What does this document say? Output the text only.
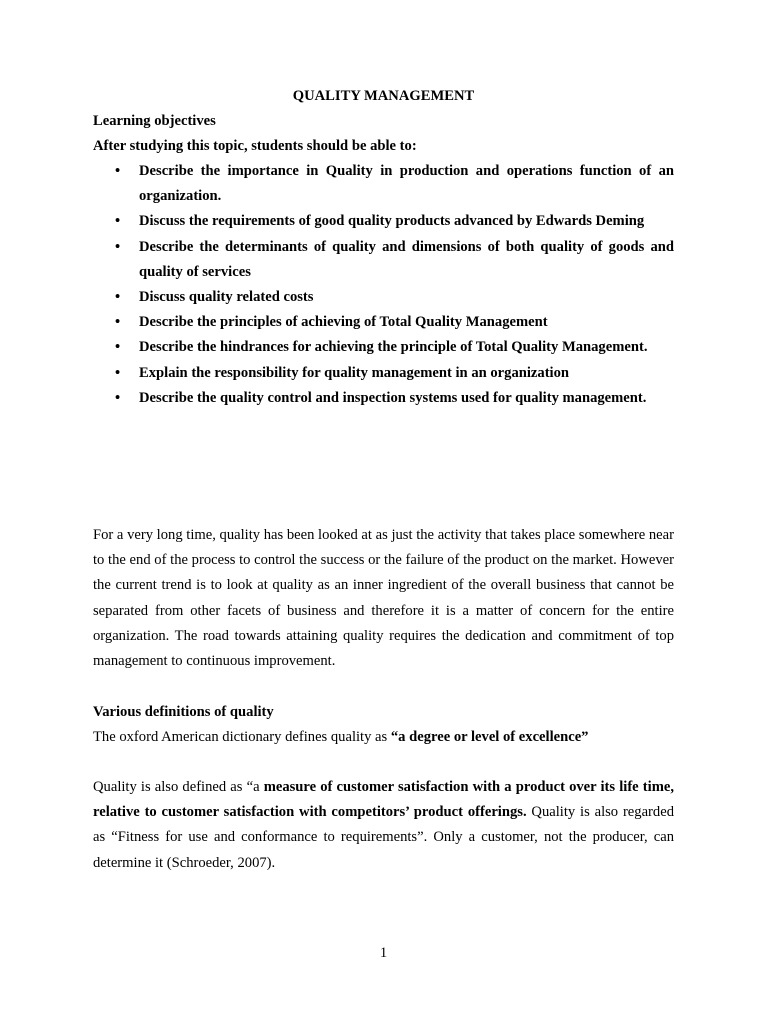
QUALITY MANAGEMENT
Learning objectives
After studying this topic, students should be able to:
• Describe the importance in Quality in production and operations function of an organization.
• Discuss the requirements of good quality products advanced by Edwards Deming
• Describe the determinants of quality and dimensions of both quality of goods and quality of services
• Discuss quality related costs
• Describe the principles of achieving of Total Quality Management
• Describe the hindrances for achieving the principle of Total Quality Management.
• Explain the responsibility for quality management in an organization
• Describe the quality control and inspection systems used for quality management.
For a very long time, quality has been looked at as just the activity that takes place somewhere near to the end of the process to control the success or the failure of the product on the market. However the current trend is to look at quality as an inner ingredient of the overall business that cannot be separated from other facets of business and therefore it is a matter of concern for the entire organization. The road towards attaining quality requires the dedication and commitment of top management to continuous improvement.
Various definitions of quality
The oxford American dictionary defines quality as “a degree or level of excellence”
Quality is also defined as “a measure of customer satisfaction with a product over its life time, relative to customer satisfaction with competitors’ product offerings. Quality is also regarded as “Fitness for use and conformance to requirements”. Only a customer, not the producer, can determine it (Schroeder, 2007).
1
